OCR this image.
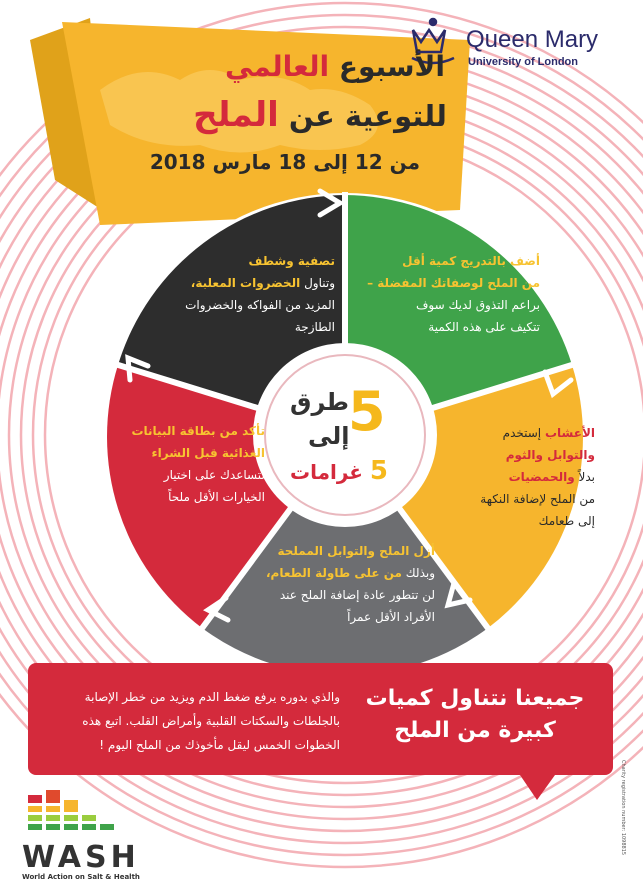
Queen Mary
University of London
الأسبوع العالمي
للتوعية عن الملح
من 12 إلى 18 مارس 2018
أضف بالتدريج كمية أقل
من الملح لوصفاتك المفضلة –
براعم التذوق لديك سوف
تتكيف على هذه الكمية
تصفية وشطف
وتناول الخضروات المعلبة،
المزيد من الفواكه والخضروات
الطازجة
تأكد من بطاقة البيانات
الغذائية قبل الشراء
لتساعدك على اختيار
الخيارات الأقل ملحاً
الأعشاب إستخدم
والتوابل والثوم
بدلاً والحمضيات
من الملح لإضافة النكهة
إلى طعامك
أزل الملح والتوابل المملحة
وبذلك من على طاولة الطعام،
لن تتطور عادة إضافة الملح عند
الأفراد الأقل عمراً
5
طرق
إلى
5 غرامات
جميعنا نتناول كميات
كبيرة من الملح
والذي بدوره يرفع ضغط الدم ويزيد من خطر الإصابة
بالجلطات والسكتات القلبية وأمراض القلب. اتبع هذه
الخطوات الخمس ليقل مأخوذك من الملح اليوم !
WASH
World Action on Salt & Health
Charity registration number: 1098815
